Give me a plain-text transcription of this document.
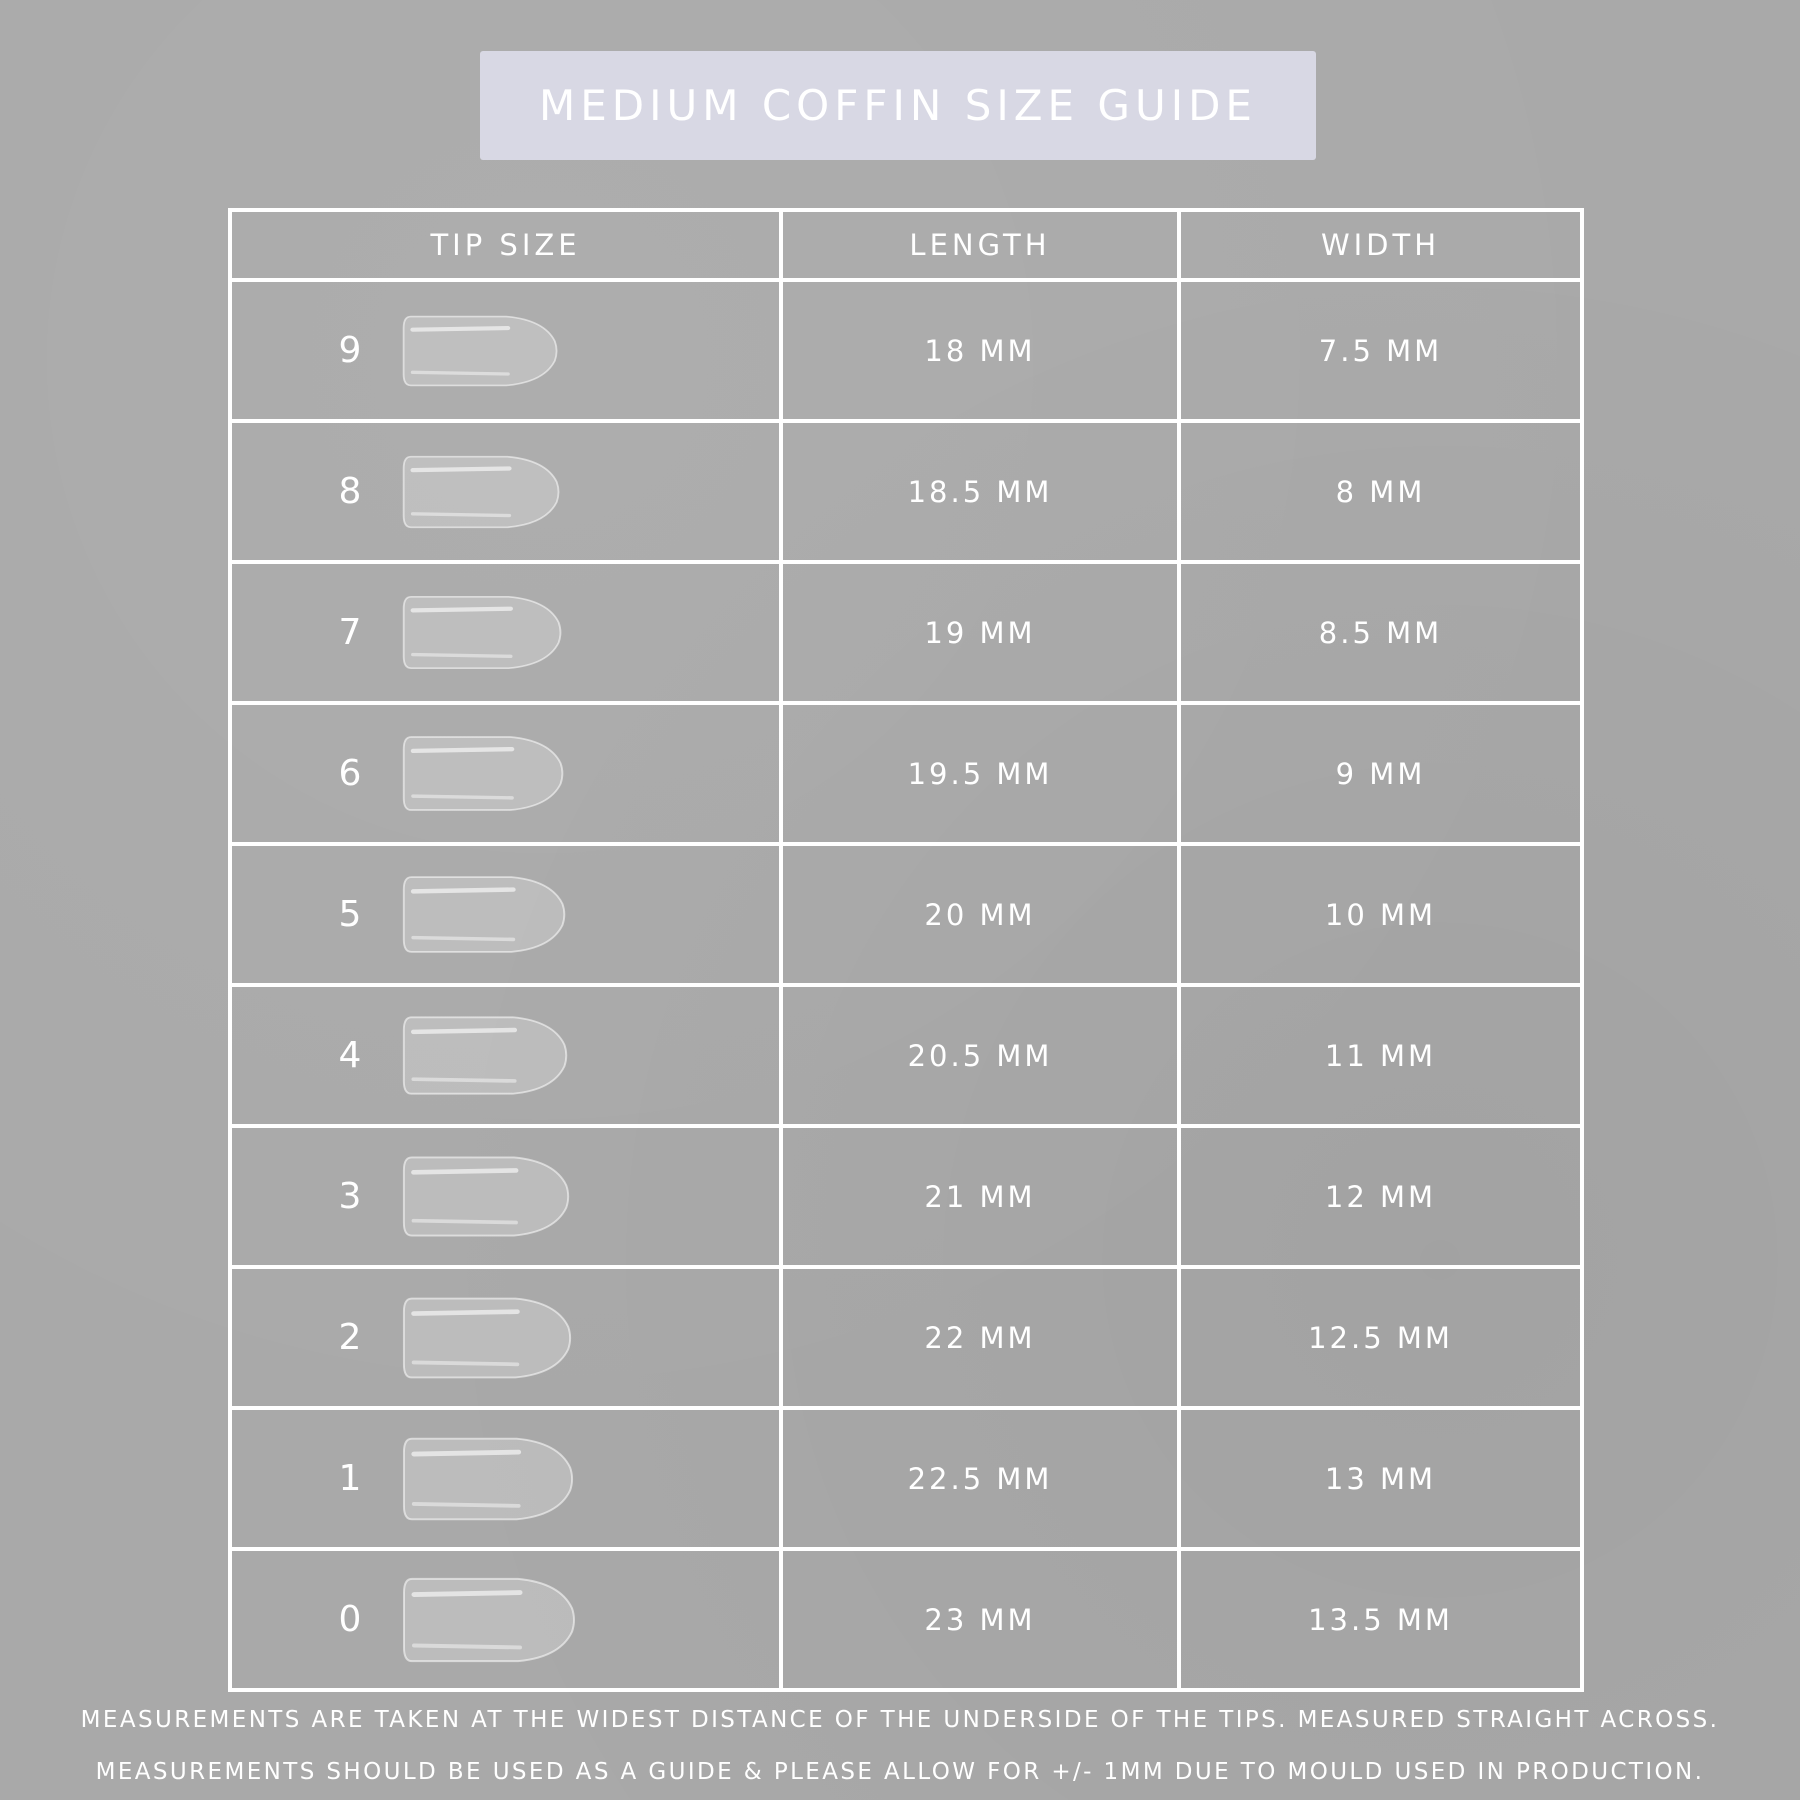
MEDIUM COFFIN SIZE GUIDE
TIP SIZE	LENGTH	WIDTH

9	18 MM	7.5 MM

8	18.5 MM	8 MM

7	19 MM	8.5 MM

6	19.5 MM	9 MM

5	20 MM	10 MM

4	20.5 MM	11 MM

3	21 MM	12 MM

2	22 MM	12.5 MM

1	22.5 MM	13 MM

0	23 MM	13.5 MM
MEASUREMENTS ARE TAKEN AT THE WIDEST DISTANCE OF THE UNDERSIDE OF THE TIPS. MEASURED STRAIGHT ACROSS.
MEASUREMENTS SHOULD BE USED AS A GUIDE & PLEASE ALLOW FOR +/- 1MM DUE TO MOULD USED IN PRODUCTION.
